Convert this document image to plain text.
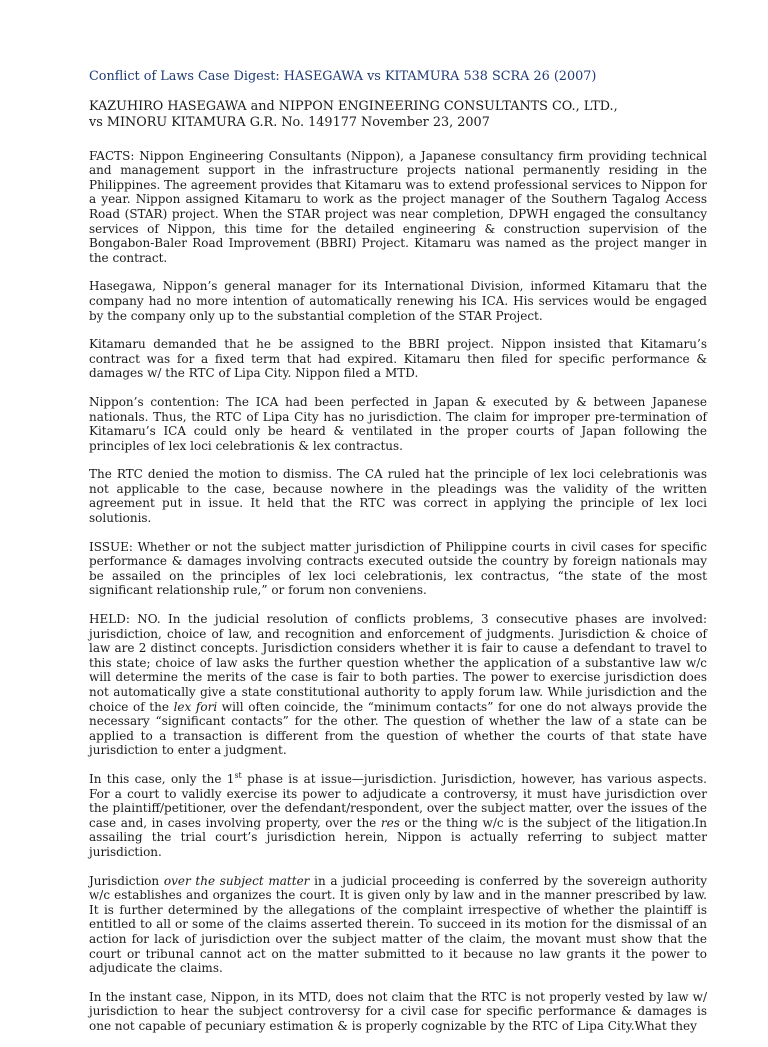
Conflict of Laws Case Digest: HASEGAWA vs KITAMURA 538 SCRA 26 (2007)
KAZUHIRO HASEGAWA and NIPPON ENGINEERING CONSULTANTS CO., LTD.,
vs MINORU KITAMURA G.R. No. 149177 November 23, 2007

FACTS: Nippon Engineering Consultants (Nippon), a Japanese consultancy firm providing technical and management support in the infrastructure projects national permanently residing in the Philippines. The agreement provides that Kitamaru was to extend professional services to Nippon for a year. Nippon assigned Kitamaru to work as the project manager of the Southern Tagalog Access Road (STAR) project. When the STAR project was near completion, DPWH engaged the consultancy services of Nippon, this time for the detailed engineering & construction supervision of the Bongabon-Baler Road Improvement (BBRI) Project. Kitamaru was named as the project manger in the contract.

Hasegawa, Nippon’s general manager for its International Division, informed Kitamaru that the company had no more intention of automatically renewing his ICA. His services would be engaged by the company only up to the substantial completion of the STAR Project.

Kitamaru demanded that he be assigned to the BBRI project. Nippon insisted that Kitamaru’s contract was for a fixed term that had expired. Kitamaru then filed for specific performance & damages w/ the RTC of Lipa City. Nippon filed a MTD.

Nippon’s contention: The ICA had been perfected in Japan & executed by & between Japanese nationals. Thus, the RTC of Lipa City has no jurisdiction. The claim for improper pre-termination of Kitamaru’s ICA could only be heard & ventilated in the proper courts of Japan following the principles of lex loci celebrationis & lex contractus.

The RTC denied the motion to dismiss. The CA ruled hat the principle of lex loci celebrationis was not applicable to the case, because nowhere in the pleadings was the validity of the written agreement put in issue. It held that the RTC was correct in applying the principle of lex loci solutionis.

ISSUE: Whether or not the subject matter jurisdiction of Philippine courts in civil cases for specific performance & damages involving contracts executed outside the country by foreign nationals may be assailed on the principles of lex loci celebrationis, lex contractus, “the state of the most significant relationship rule,” or forum non conveniens.

HELD: NO. In the judicial resolution of conflicts problems, 3 consecutive phases are involved: jurisdiction, choice of law, and recognition and enforcement of judgments. Jurisdiction & choice of law are 2 distinct concepts. Jurisdiction considers whether it is fair to cause a defendant to travel to this state; choice of law asks the further question whether the application of a substantive law w/c will determine the merits of the case is fair to both parties. The power to exercise jurisdiction does not automatically give a state constitutional authority to apply forum law. While jurisdiction and the choice of the lex fori will often coincide, the “minimum contacts” for one do not always provide the necessary “significant contacts” for the other. The question of whether the law of a state can be applied to a transaction is different from the question of whether the courts of that state have jurisdiction to enter a judgment.

In this case, only the 1st phase is at issue—jurisdiction. Jurisdiction, however, has various aspects. For a court to validly exercise its power to adjudicate a controversy, it must have jurisdiction over the plaintiff/petitioner, over the defendant/respondent, over the subject matter, over the issues of the case and, in cases involving property, over the res or the thing w/c is the subject of the litigation.In assailing the trial court’s jurisdiction herein, Nippon is actually referring to subject matter jurisdiction.

Jurisdiction over the subject matter in a judicial proceeding is conferred by the sovereign authority w/c establishes and organizes the court. It is given only by law and in the manner prescribed by law. It is further determined by the allegations of the complaint irrespective of whether the plaintiff is entitled to all or some of the claims asserted therein. To succeed in its motion for the dismissal of an action for lack of jurisdiction over the subject matter of the claim, the movant must show that the court or tribunal cannot act on the matter submitted to it because no law grants it the power to adjudicate the claims.

In the instant case, Nippon, in its MTD, does not claim that the RTC is not properly vested by law w/ jurisdiction to hear the subject controversy for a civil case for specific performance & damages is one not capable of pecuniary estimation & is properly cognizable by the RTC of Lipa City.What they
